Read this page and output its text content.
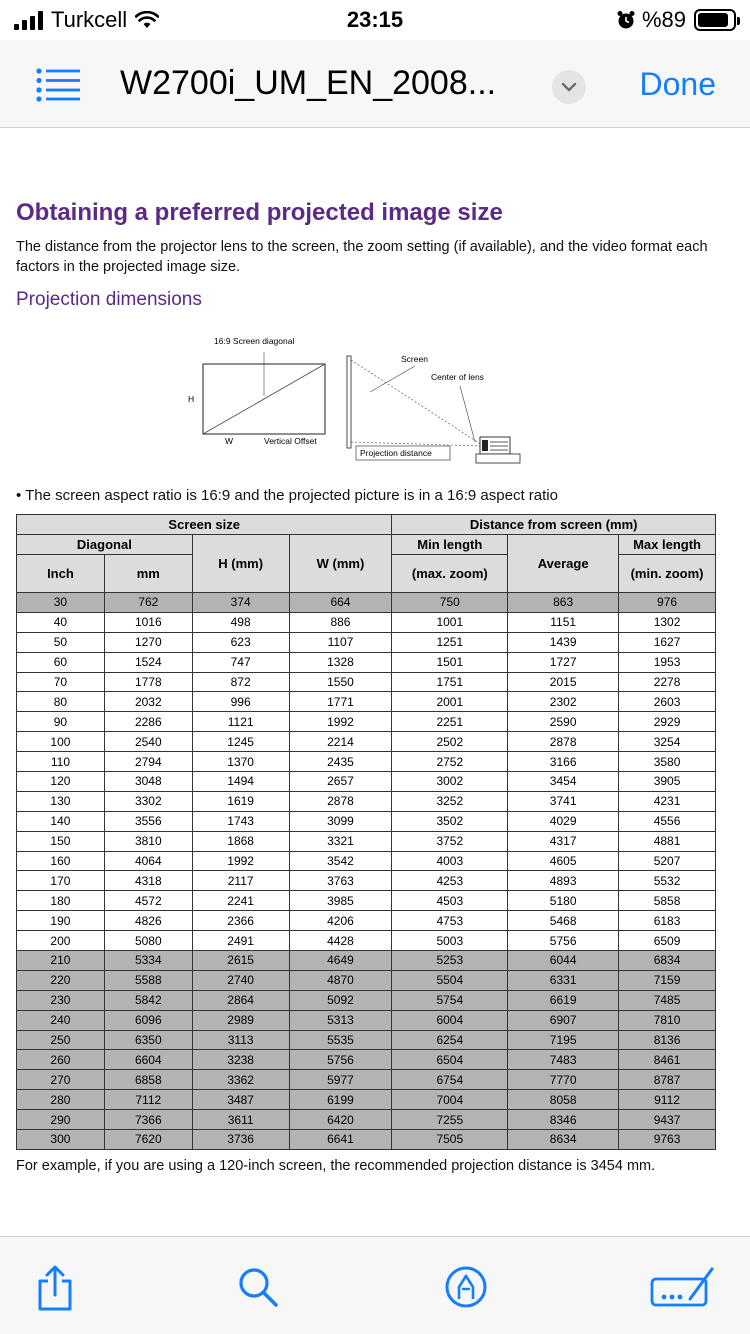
Turkcell	23:15	%89
W2700i_UM_EN_2008...	Done
Obtaining a preferred projected image size
The distance from the projector lens to the screen, the zoom setting (if available), and the video format each factors in the projected image size.
Projection dimensions
16:9 Screen diagonal
H
W	Vertical Offset
Screen
Center of lens
Projection distance
• The screen aspect ratio is 16:9 and the projected picture is in a 16:9 aspect ratio
Screen size				Distance from screen (mm)		
Diagonal		H (mm)	W (mm)	Min length	Average	Max length
Inch	mm			(max. zoom)		(min. zoom)
30	762	374	664	750	863	976
40	1016	498	886	1001	1151	1302
50	1270	623	1107	1251	1439	1627
60	1524	747	1328	1501	1727	1953
70	1778	872	1550	1751	2015	2278
80	2032	996	1771	2001	2302	2603
90	2286	1121	1992	2251	2590	2929
100	2540	1245	2214	2502	2878	3254
110	2794	1370	2435	2752	3166	3580
120	3048	1494	2657	3002	3454	3905
130	3302	1619	2878	3252	3741	4231
140	3556	1743	3099	3502	4029	4556
150	3810	1868	3321	3752	4317	4881
160	4064	1992	3542	4003	4605	5207
170	4318	2117	3763	4253	4893	5532
180	4572	2241	3985	4503	5180	5858
190	4826	2366	4206	4753	5468	6183
200	5080	2491	4428	5003	5756	6509
210	5334	2615	4649	5253	6044	6834
220	5588	2740	4870	5504	6331	7159
230	5842	2864	5092	5754	6619	7485
240	6096	2989	5313	6004	6907	7810
250	6350	3113	5535	6254	7195	8136
260	6604	3238	5756	6504	7483	8461
270	6858	3362	5977	6754	7770	8787
280	7112	3487	6199	7004	8058	9112
290	7366	3611	6420	7255	8346	9437
300	7620	3736	6641	7505	8634	9763
For example, if you are using a 120-inch screen, the recommended projection distance is 3454 mm.
